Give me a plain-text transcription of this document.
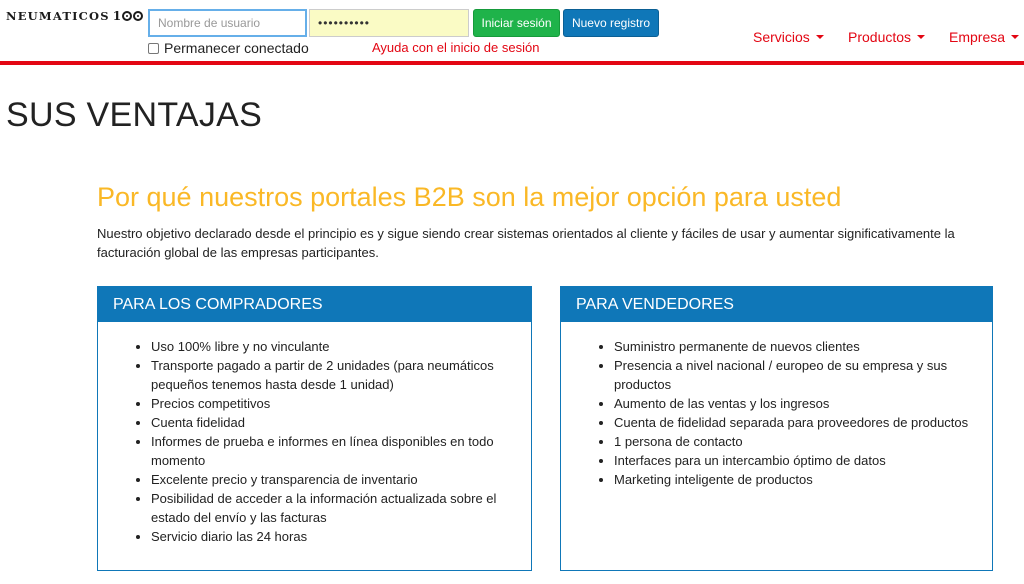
NEUMATICOS 1
Nombre de usuario
••••••••••	Iniciar sesión	Nuevo registro
Permanecer conectado	Ayuda con el inicio de sesión
Servicios	Productos	Empresa
SUS VENTAJAS
Por qué nuestros portales B2B son la mejor opción para usted

Nuestro objetivo declarado desde el principio es y sigue siendo crear sistemas orientados al cliente y fáciles de usar y aumentar significativamente la facturación global de las empresas participantes.

PARA LOS COMPRADORES
• Uso 100% libre y no vinculante
• Transporte pagado a partir de 2 unidades (para neumáticos pequeños tenemos hasta desde 1 unidad)
• Precios competitivos
• Cuenta fidelidad
• Informes de prueba e informes en línea disponibles en todo momento
• Excelente precio y transparencia de inventario
• Posibilidad de acceder a la información actualizada sobre el estado del envío y las facturas
• Servicio diario las 24 horas
PARA VENDEDORES
• Suministro permanente de nuevos clientes
• Presencia a nivel nacional / europeo de su empresa y sus productos
• Aumento de las ventas y los ingresos
• Cuenta de fidelidad separada para proveedores de productos
• 1 persona de contacto
• Interfaces para un intercambio óptimo de datos
• Marketing inteligente de productos
